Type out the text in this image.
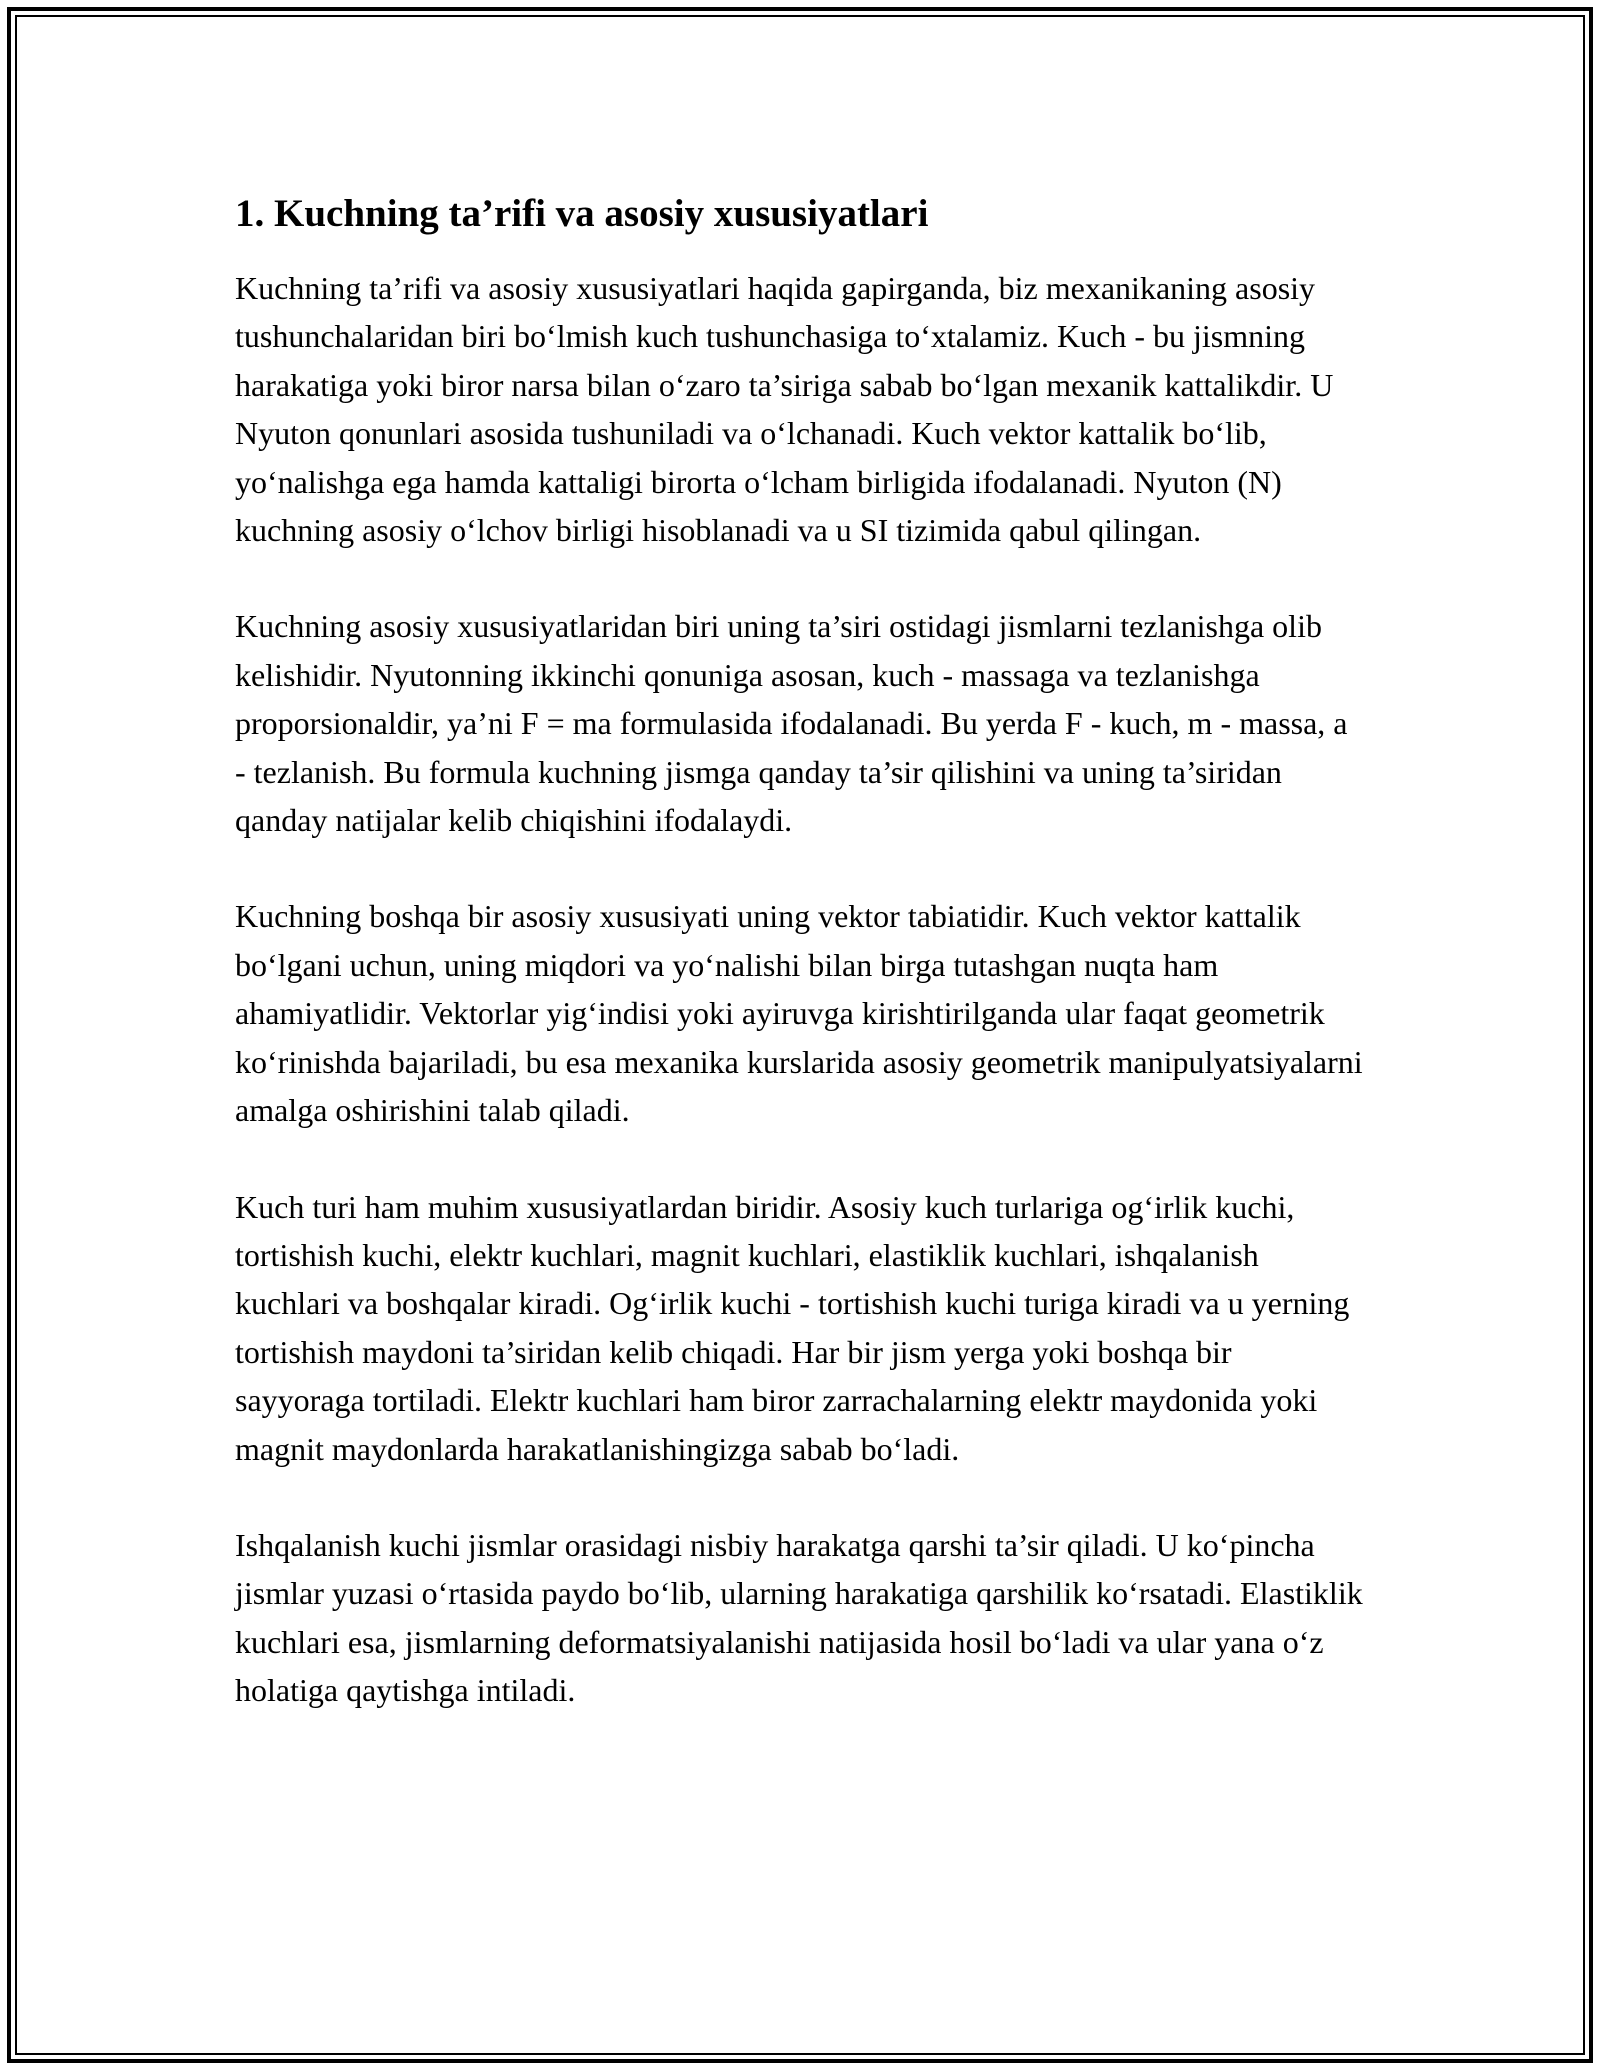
1. Kuchning ta’rifi va asosiy xususiyatlari

Kuchning ta’rifi va asosiy xususiyatlari haqida gapirganda, biz mexanikaning asosiy tushunchalaridan biri bo‘lmish kuch tushunchasiga to‘xtalamiz. Kuch - bu jismning harakatiga yoki biror narsa bilan o‘zaro ta’siriga sabab bo‘lgan mexanik kattalikdir. U Nyuton qonunlari asosida tushuniladi va o‘lchanadi. Kuch vektor kattalik bo‘lib, yo‘nalishga ega hamda kattaligi birorta o‘lcham birligida ifodalanadi. Nyuton (N) kuchning asosiy o‘lchov birligi hisoblanadi va u SI tizimida qabul qilingan.

Kuchning asosiy xususiyatlaridan biri uning ta’siri ostidagi jismlarni tezlanishga olib kelishidir. Nyutonning ikkinchi qonuniga asosan, kuch - massaga va tezlanishga proporsionaldir, ya’ni F = ma formulasida ifodalanadi. Bu yerda F - kuch, m - massa, a - tezlanish. Bu formula kuchning jismga qanday ta’sir qilishini va uning ta’siridan qanday natijalar kelib chiqishini ifodalaydi.

Kuchning boshqa bir asosiy xususiyati uning vektor tabiatidir. Kuch vektor kattalik bo‘lgani uchun, uning miqdori va yo‘nalishi bilan birga tutashgan nuqta ham ahamiyatlidir. Vektorlar yig‘indisi yoki ayiruvga kirishtirilganda ular faqat geometrik ko‘rinishda bajariladi, bu esa mexanika kurslarida asosiy geometrik manipulyatsiyalarni amalga oshirishini talab qiladi.

Kuch turi ham muhim xususiyatlardan biridir. Asosiy kuch turlariga og‘irlik kuchi, tortishish kuchi, elektr kuchlari, magnit kuchlari, elastiklik kuchlari, ishqalanish kuchlari va boshqalar kiradi. Og‘irlik kuchi - tortishish kuchi turiga kiradi va u yerning tortishish maydoni ta’siridan kelib chiqadi. Har bir jism yerga yoki boshqa bir sayyoraga tortiladi. Elektr kuchlari ham biror zarrachalarning elektr maydonida yoki magnit maydonlarda harakatlanishingizga sabab bo‘ladi.

Ishqalanish kuchi jismlar orasidagi nisbiy harakatga qarshi ta’sir qiladi. U ko‘pincha jismlar yuzasi o‘rtasida paydo bo‘lib, ularning harakatiga qarshilik ko‘rsatadi. Elastiklik kuchlari esa, jismlarning deformatsiyalanishi natijasida hosil bo‘ladi va ular yana o‘z holatiga qaytishga intiladi.
